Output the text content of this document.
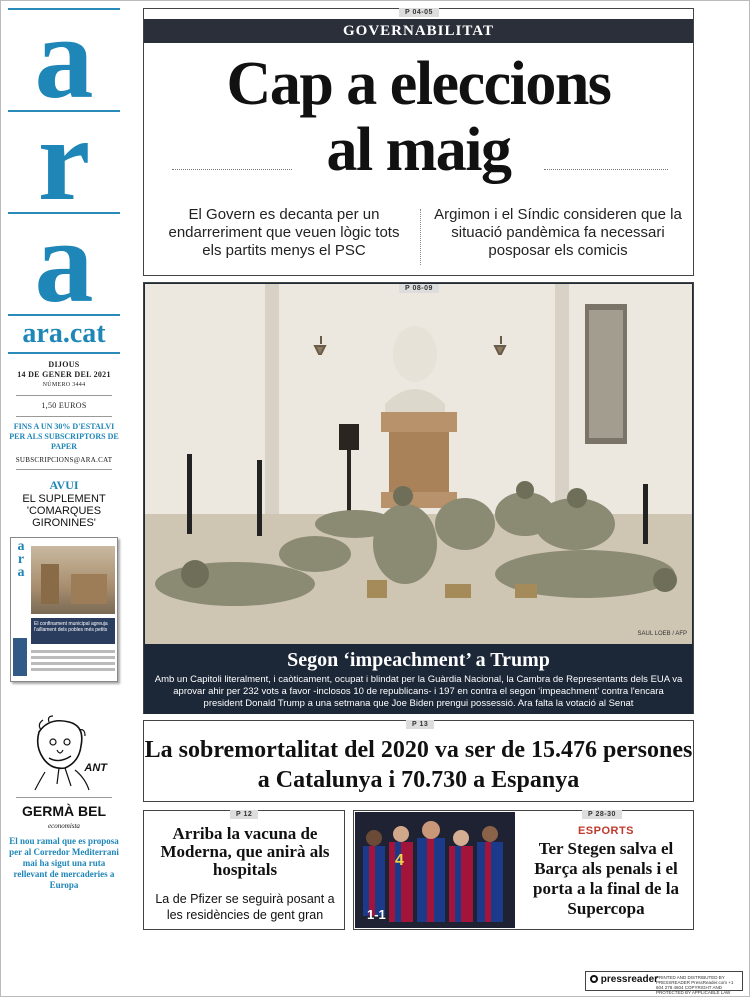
a
r
a
ara.cat
DIJOUS
14 DE GENER DEL 2021
NÚMERO 3444
1,50 EUROS
FINS A UN 30% D'ESTALVI PER ALS SUBSCRIPTORS DE PAPER
SUBSCRIPCIONS@ARA.CAT
AVUI
EL SUPLEMENT 'COMARQUES GIRONINES'
a
r
a
El confinament municipal agreuja l'aïllament dels pobles més petits
ANT
GERMÀ BEL
economista
El nou ramal que es proposa per al Corredor Mediterrani mai ha sigut una ruta rellevant de mercaderies a Europa
P 04-05
GOVERNABILITAT
Cap a eleccions
al maig
El Govern es decanta per un endarreriment que veuen lògic tots els partits menys el PSC
Argimon i el Síndic consideren que la situació pandèmica fa necessari posposar els comicis
SAUL LOEB / AFP
P 08-09
Segon ‘impeachment’ a Trump
Amb un Capitoli literalment, i caòticament, ocupat i blindat per la Guàrdia Nacional, la Cambra de Representants dels EUA va aprovar ahir per 232 vots a favor -inclosos 10 de republicans- i 197 en contra el segon ‘impeachment’ contra l'encara president Donald Trump a una setmana que Joe Biden prengui possessió. Ara falta la votació al Senat
P 13
La sobremortalitat del 2020 va ser de 15.476 persones a Catalunya i 70.730 a Espanya
P 12
Arriba la vacuna de Moderna, que anirà als hospitals
La de Pfizer se seguirà posant a les residències de gent gran
4
1-1
P 28-30
ESPORTS
Ter Stegen salva el Barça als penals i el porta a la final de la Supercopa
pressreader
PRINTED AND DISTRIBUTED BY PRESSREADER PressReader.com +1 604 278 4604 COPYRIGHT AND PROTECTED BY APPLICABLE LAW
